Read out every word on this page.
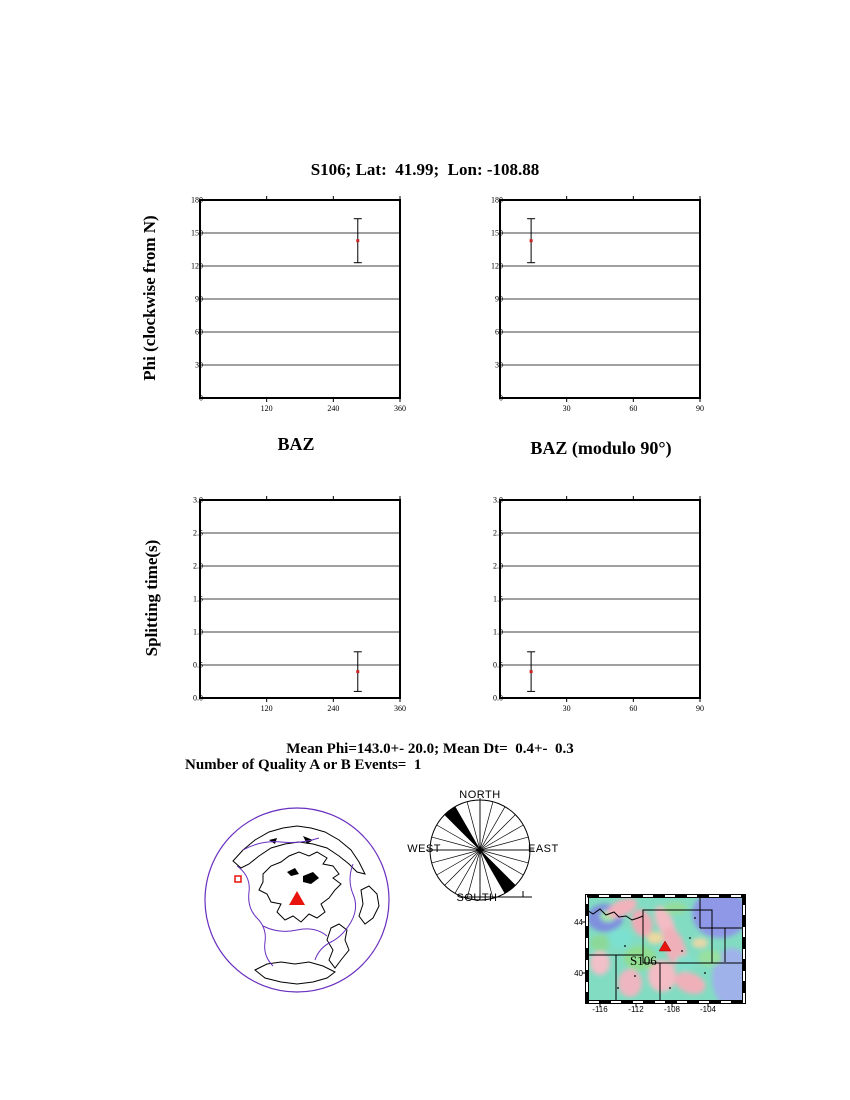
S106; Lat:  41.99;  Lon: -108.88
Phi (clockwise from N)
Splitting time(s)
0
30
60
90
120
150
180
120	240	360
0
30
60
90
120
150
180
30	60	90
0.0
0.5
1.0
1.5
2.0
2.5
3.0
120	240	360
0.0
0.5
1.0
1.5
2.0
2.5
3.0
30	60	90
BAZ	BAZ (modulo 90°)
Mean Phi=143.0+- 20.0; Mean Dt=  0.4+-  0.3
Number of Quality A or B Events=  1
NORTH
SOUTH
WEST	EAST
S106
-116	-112	-108 -104
44
40
